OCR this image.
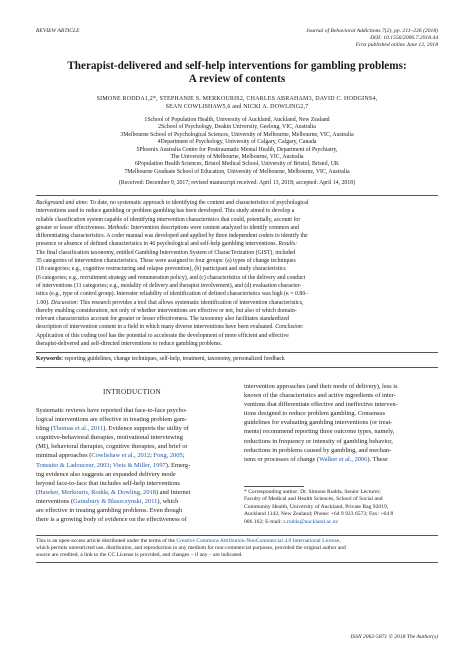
REVIEW ARTICLE	Journal of Behavioral Addictions 7(2), pp. 211–226 (2018)
DOI: 10.1556/2006.7.2018.44
First published online June 12, 2018
Therapist-delivered and self-help interventions for gambling problems:
A review of contents
SIMONE RODDA1,2*, STEPHANIE S. MERKOURIS2, CHARLES ABRAHAM3, DAVID C. HODGINS4,
SEAN COWLISHAW5,6 and NICKI A. DOWLING2,7
1School of Population Health, University of Auckland, Auckland, New Zealand
2School of Psychology, Deakin University, Geelong, VIC, Australia
3Melbourne School of Psychological Sciences, University of Melbourne, Melbourne, VIC, Australia
4Department of Psychology, University of Calgary, Calgary, Canada
5Phoenix Australia Centre for Posttraumatic Mental Health, Department of Psychiatry,
The University of Melbourne, Melbourne, VIC, Australia
6Population Health Sciences, Bristol Medical School, University of Bristol, Bristol, UK
7Melbourne Graduate School of Education, University of Melbourne, Melbourne, VIC, Australia
(Received: December 9, 2017; revised manuscript received: April 13, 2018; accepted: April 14, 2018)
Background and aims: To date, no systematic approach to identifying the content and characteristics of psychological
interventions used to reduce gambling or problem gambling has been developed. This study aimed to develop a
reliable classification system capable of identifying intervention characteristics that could, potentially, account for
greater or lesser effectiveness. Methods: Intervention descriptions were content analyzed to identify common and
differentiating characteristics. A coder manual was developed and applied by three independent coders to identify the
presence or absence of defined characteristics in 46 psychological and self-help gambling interventions. Results:
The final classification taxonomy, entitled Gambling Intervention System of CharacTerization (GIST), included
35 categories of intervention characteristics. These were assigned to four groups: (a) types of change techniques
(18 categories; e.g., cognitive restructuring and relapse prevention), (b) participant and study characteristics
(6 categories; e.g., recruitment strategy and remuneration policy), and (c) characteristics of the delivery and conduct
of interventions (11 categories; e.g., modality of delivery and therapist involvement), and (d) evaluation character-
istics (e.g., type of control group). Interrater reliability of identification of defined characteristics was high (κ = 0.80–
1.00). Discussion: This research provides a tool that allows systematic identification of intervention characteristics,
thereby enabling consideration, not only of whether interventions are effective or not, but also of which domain-
relevant characteristics account for greater or lesser effectiveness. The taxonomy also facilitates standardized
description of intervention content in a field in which many diverse interventions have been evaluated. Conclusion:
Application of this coding tool has the potential to accelerate the development of more efficient and effective
therapist-delivered and self-directed interventions to reduce gambling problems.
Keywords: reporting guidelines, change techniques, self-help, treatment, taxonomy, personalized feedback
INTRODUCTION
Systematic reviews have reported that face-to-face psycho-
logical interventions are effective in treating problem gam-
bling (Thomas et al., 2011). Evidence supports the utility of
cognitive-behavioral therapies, motivational interviewing
(MI), behavioral therapies, cognitive therapies, and brief or
minimal approaches (Cowlishaw et al., 2012; Fong, 2005;
Toneatto & Ladouceur, 2003; Viets & Miller, 1997). Emerg-
ing evidence also suggests an expanded delivery mode
beyond face-to-face that includes self-help interventions
(Hawker, Merkouris, Rodda, & Dowling, 2018) and Internet
interventions (Gainsbury & Blaszczynski, 2011), which
are effective in treating gambling problems. Even though
there is a growing body of evidence on the effectiveness of
intervention approaches (and their mode of delivery), less is
known of the characteristics and active ingredients of inter-
ventions that differentiate effective and ineffective interven-
tions designed to reduce problem gambling. Consensus
guidelines for evaluating gambling interventions (or treat-
ments) recommend reporting three outcome types, namely,
reductions in frequency or intensity of gambling behavior,
reductions in problems caused by gambling, and mechan-
isms or processes of change (Walker et al., 2006). These
* Corresponding author: Dr. Simone Rodda, Senior Lecturer;
Faculty of Medical and Health Sciences, School of Social and
Community Health, University of Auckland, Private Bag 92019,
Auckland 1142, New Zealand; Phone: +64 9 923 6573; Fax: +64 8
006 162; E-mail: s.rodda@auckland.ac.nz
This is an open-access article distributed under the terms of the Creative Commons Attribution-NonCommercial 4.0 International License,
which permits unrestricted use, distribution, and reproduction in any medium for non-commercial purposes, provided the original author and
source are credited, a link to the CC License is provided, and changes – if any – are indicated.
ISSN 2062-5871 © 2018 The Author(s)
